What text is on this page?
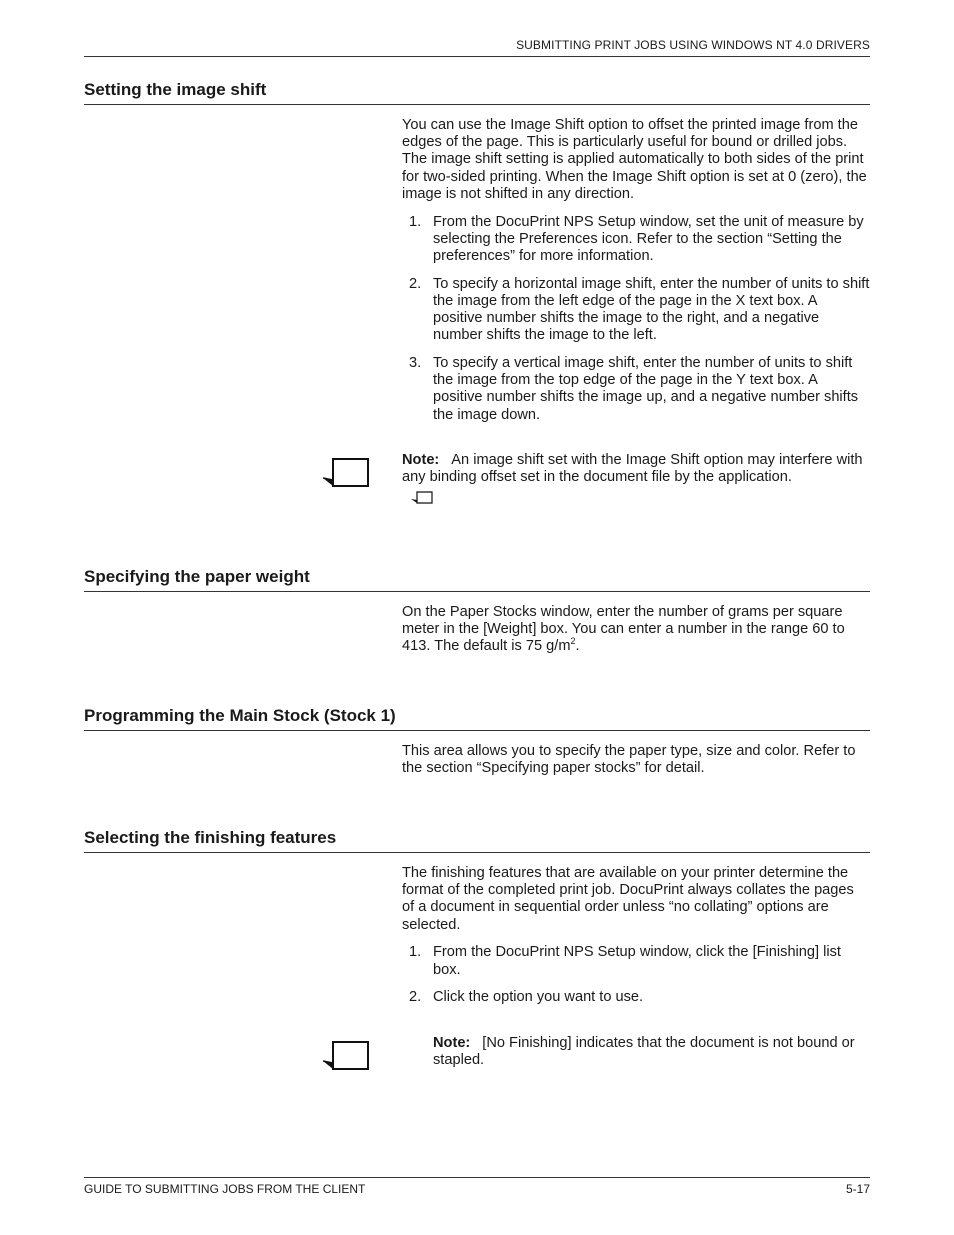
SUBMITTING PRINT JOBS USING WINDOWS NT 4.0 DRIVERS
Setting the image shift

You can use the Image Shift option to offset the printed image from the edges of the page. This is particularly useful for bound or drilled jobs. The image shift setting is applied automatically to both sides of the print for two-sided printing. When the Image Shift option is set at 0 (zero), the image is not shifted in any direction.

1. From the DocuPrint NPS Setup window, set the unit of measure by selecting the Preferences icon. Refer to the section “Setting the preferences” for more information.
2. To specify a horizontal image shift, enter the number of units to shift the image from the left edge of the page in the X text box. A positive number shifts the image to the right, and a negative number shifts the image to the left.
3. To specify a vertical image shift, enter the number of units to shift the image from the top edge of the page in the Y text box. A positive number shifts the image up, and a negative number shifts the image down.
Note: An image shift set with the Image Shift option may interfere with any binding offset set in the document file by the application.
Specifying the paper weight
On the Paper Stocks window, enter the number of grams per square meter in the [Weight] box. You can enter a number in the range 60 to 413. The default is 75 $g/m^2$.
Programming the Main Stock (Stock 1)

This area allows you to specify the paper type, size and color. Refer to the section “Specifying paper stocks” for detail.

Selecting the finishing features

The finishing features that are available on your printer determine the format of the completed print job. DocuPrint always collates the pages of a document in sequential order unless “no collating” options are selected.

1. From the DocuPrint NPS Setup window, click the [Finishing] list box.
2. Click the option you want to use.
Note: [No Finishing] indicates that the document is not bound or stapled.
GUIDE TO SUBMITTING JOBS FROM THE CLIENT	5-17
